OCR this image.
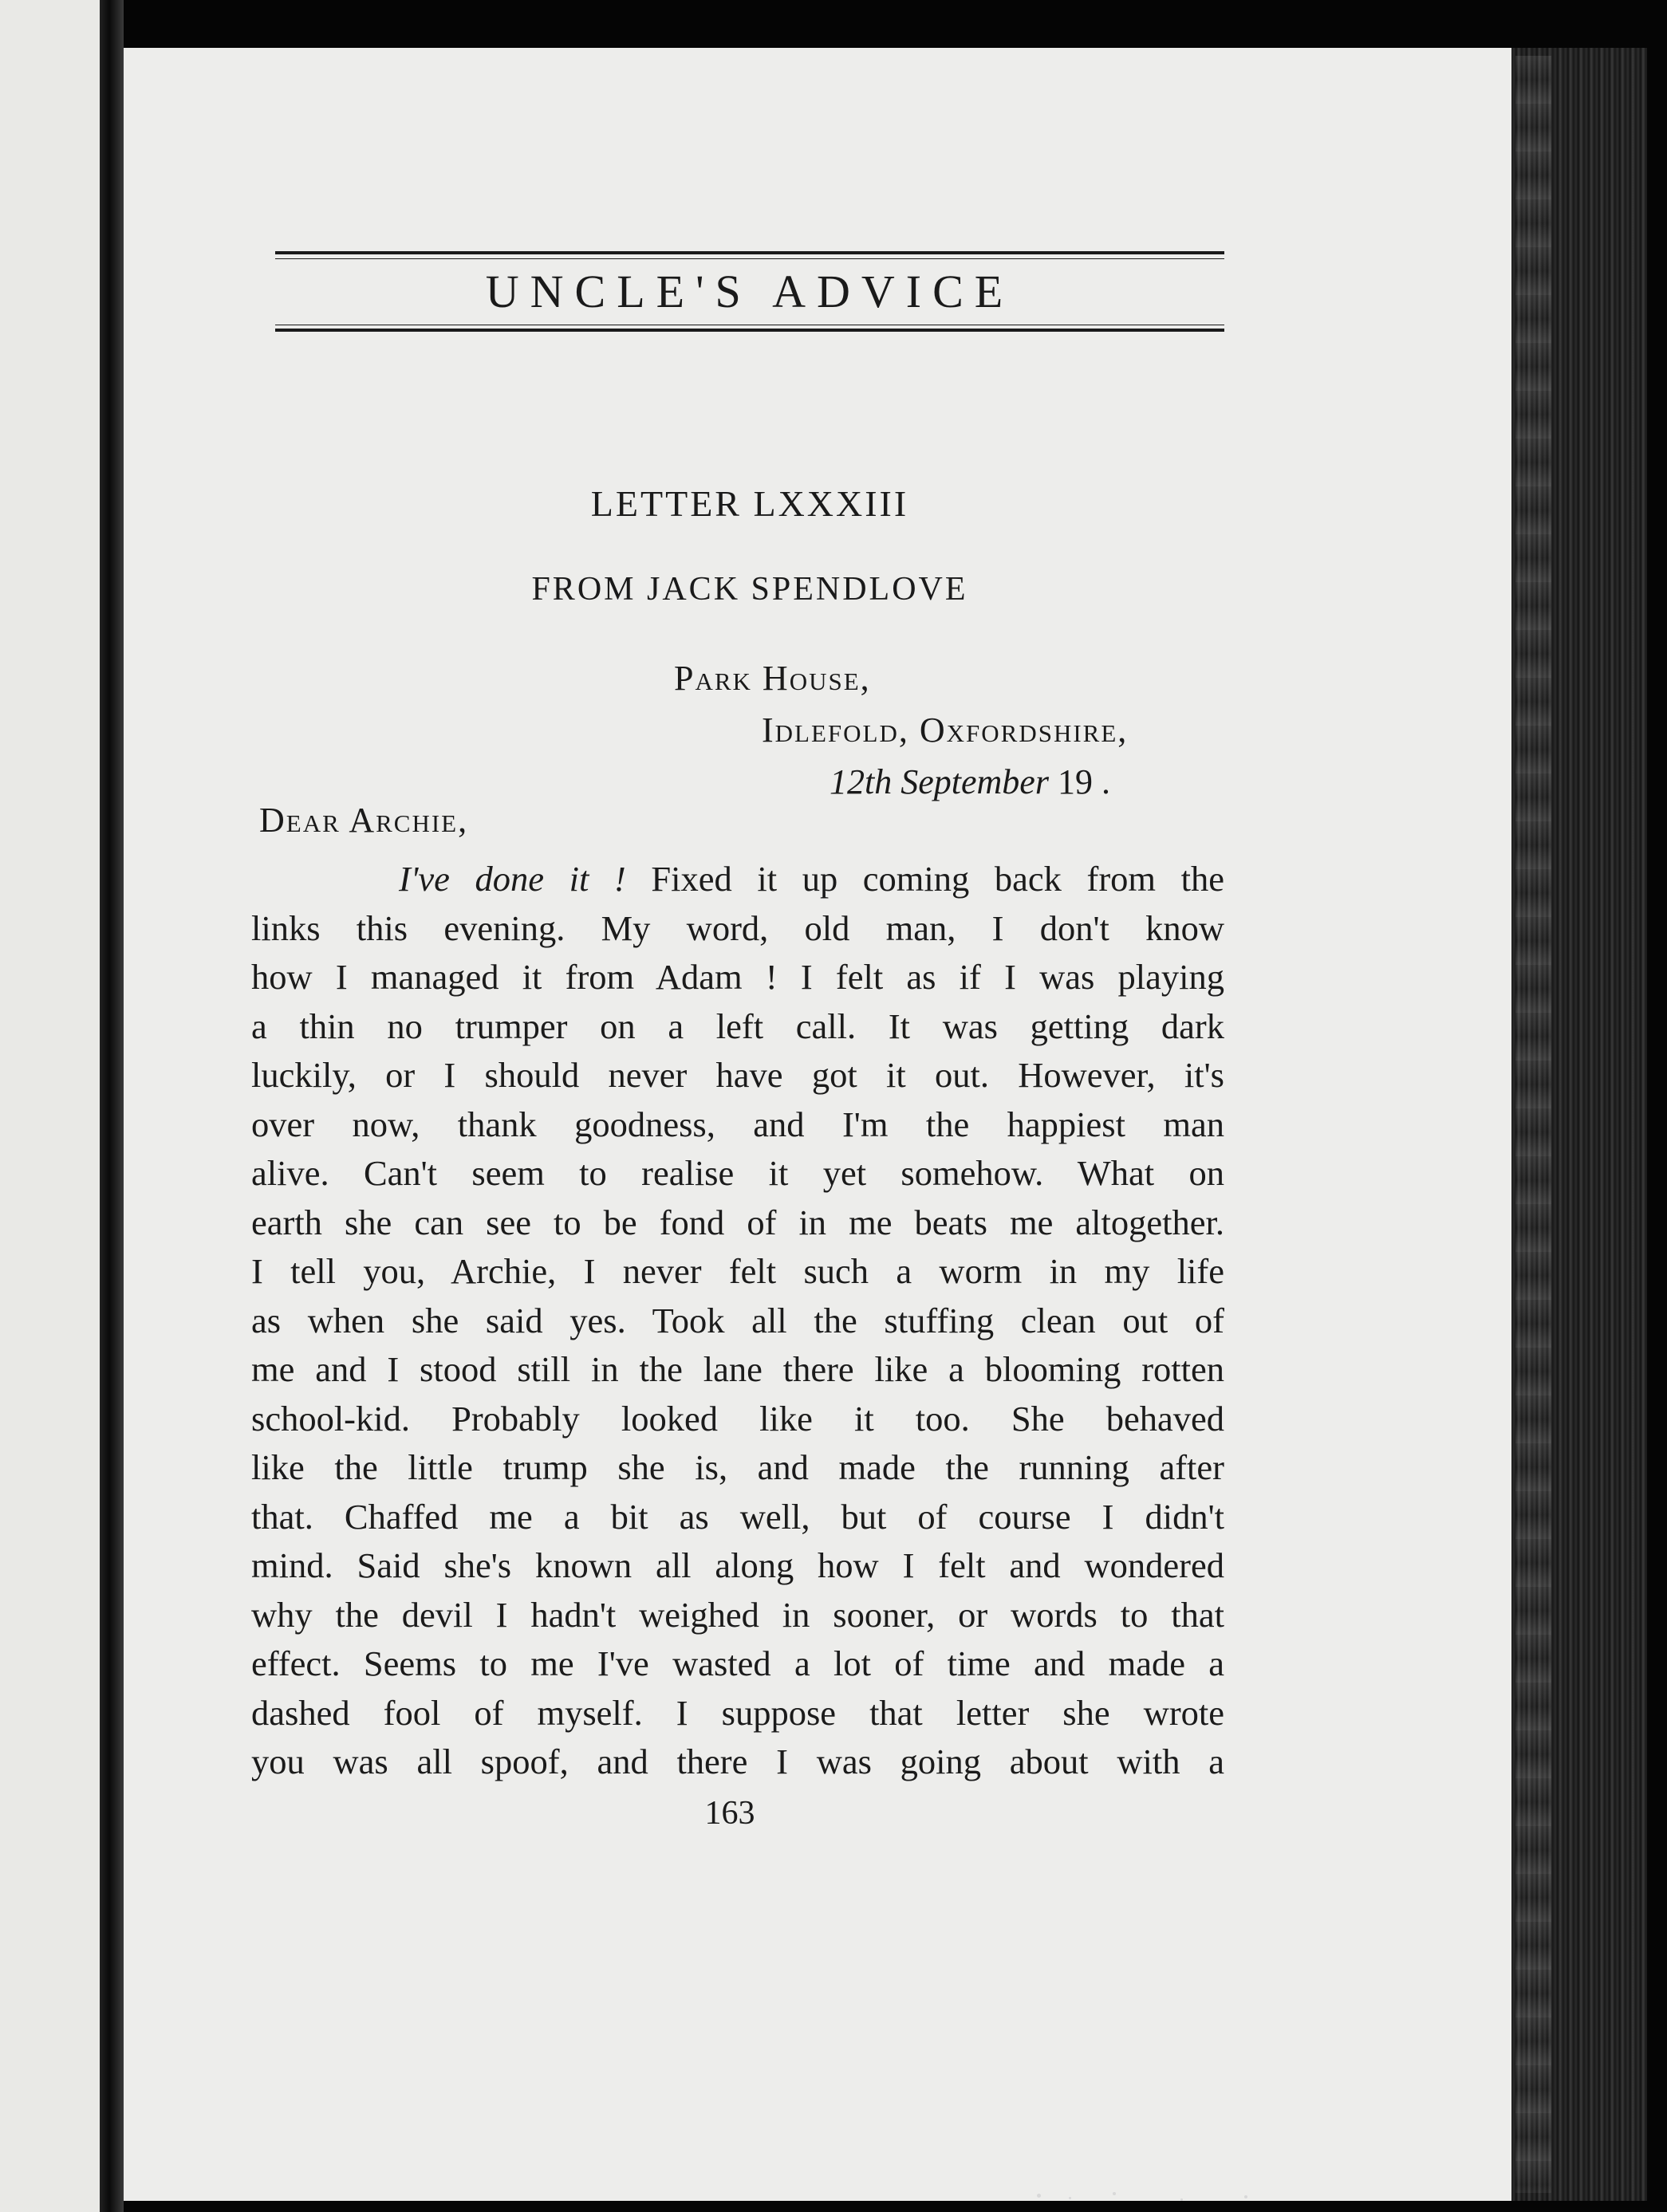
UNCLE'S ADVICE
LETTER LXXXIII
FROM JACK SPENDLOVE
Park House,
Idlefold, Oxfordshire,
12th September 19 .
Dear Archie,
I've done it ! Fixed it up coming back from the
links this evening. My word, old man, I don't know
how I managed it from Adam ! I felt as if I was playing
a thin no trumper on a left call. It was getting dark
luckily, or I should never have got it out. However, it's
over now, thank goodness, and I'm the happiest man
alive. Can't seem to realise it yet somehow. What on
earth she can see to be fond of in me beats me altogether.
I tell you, Archie, I never felt such a worm in my life
as when she said yes. Took all the stuffing clean out of
me and I stood still in the lane there like a blooming rotten
school-kid. Probably looked like it too. She behaved
like the little trump she is, and made the running after
that. Chaffed me a bit as well, but of course I didn't
mind. Said she's known all along how I felt and wondered
why the devil I hadn't weighed in sooner, or words to that
effect. Seems to me I've wasted a lot of time and made a
dashed fool of myself. I suppose that letter she wrote
you was all spoof, and there I was going about with a
163
